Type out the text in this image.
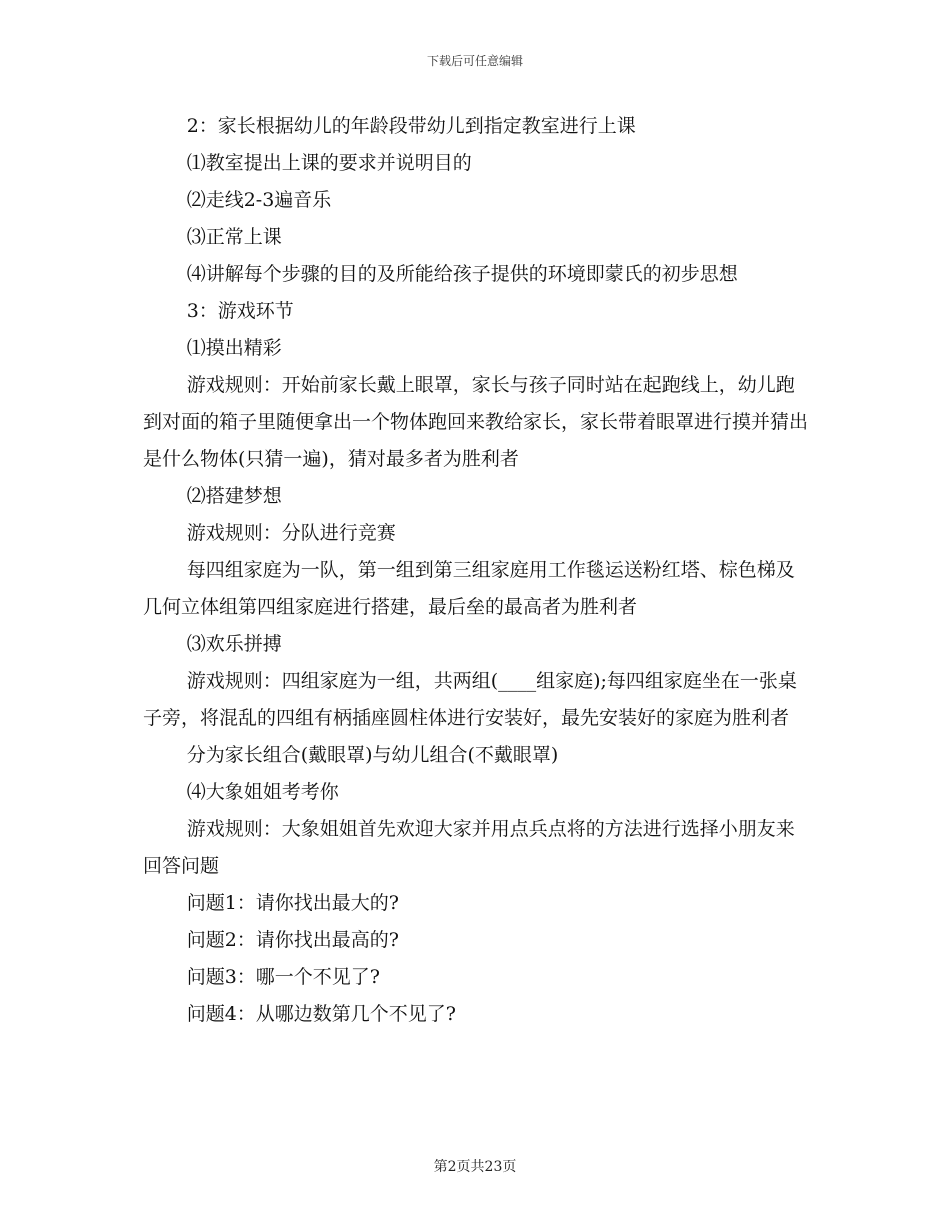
下载后可任意编辑

2：家长根据幼儿的年龄段带幼儿到指定教室进行上课

⑴教室提出上课的要求并说明目的

⑵走线2-3遍音乐

⑶正常上课

⑷讲解每个步骤的目的及所能给孩子提供的环境即蒙氏的初步思想

3：游戏环节

⑴摸出精彩

游戏规则：开始前家长戴上眼罩，家长与孩子同时站在起跑线上，幼儿跑到对面的箱子里随便拿出一个物体跑回来教给家长，家长带着眼罩进行摸并猜出是什么物体(只猜一遍)，猜对最多者为胜利者

⑵搭建梦想

游戏规则：分队进行竞赛

每四组家庭为一队，第一组到第三组家庭用工作毯运送粉红塔、棕色梯及几何立体组第四组家庭进行搭建，最后垒的最高者为胜利者

⑶欢乐拼搏

游戏规则：四组家庭为一组，共两组(____组家庭);每四组家庭坐在一张桌子旁，将混乱的四组有柄插座圆柱体进行安装好，最先安装好的家庭为胜利者

分为家长组合(戴眼罩)与幼儿组合(不戴眼罩)

⑷大象姐姐考考你

游戏规则：大象姐姐首先欢迎大家并用点兵点将的方法进行选择小朋友来回答问题

问题1：请你找出最大的?

问题2：请你找出最高的?

问题3：哪一个不见了?

问题4：从哪边数第几个不见了?

第2页共23页
